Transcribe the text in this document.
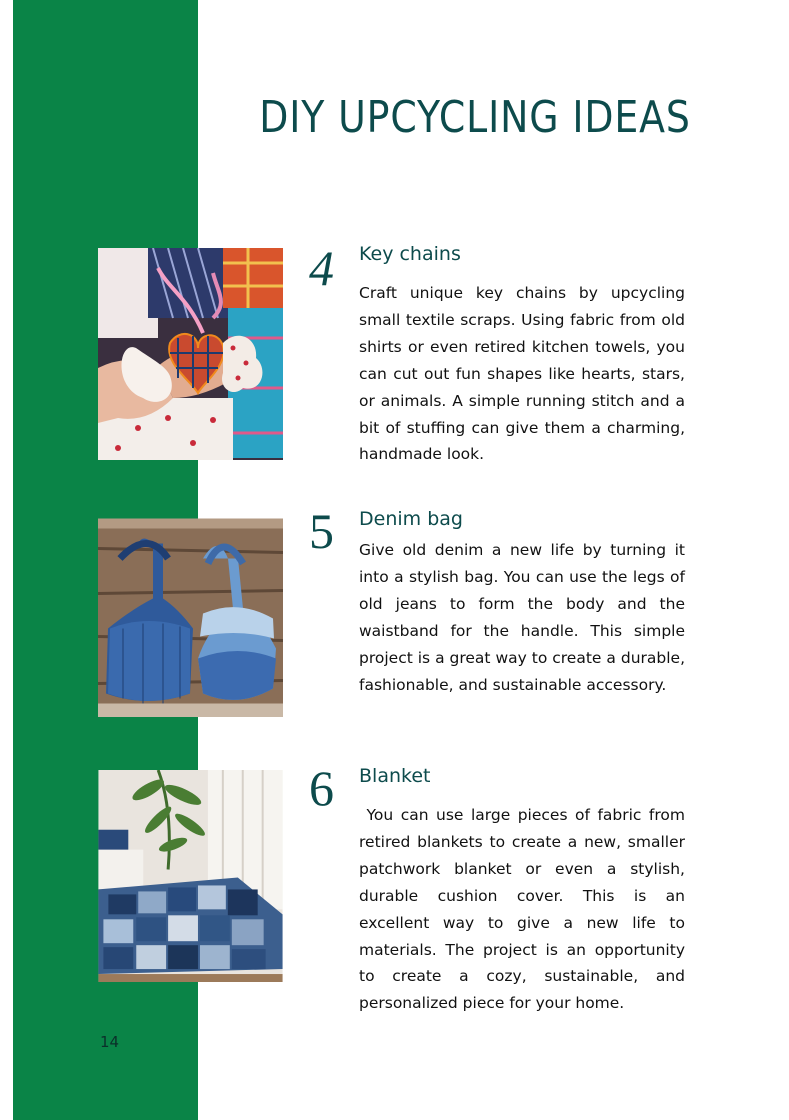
DIY UPCYCLING IDEAS
4	Key chains

Craft unique key chains by upcycling small textile scraps. Using fabric from old shirts or even retired kitchen towels, you can cut out fun shapes like hearts, stars, or animals. A simple running stitch and a bit of stuffing can give them a charming, handmade look.

5	Denim bag

Give old denim a new life by turning it into a stylish bag. You can use the legs of old jeans to form the body and the waistband for the handle. This simple project is a great way to create a durable, fashionable, and sustainable accessory.

6	Blanket

You can use large pieces of fabric from retired blankets to create a new, smaller patchwork blanket or even a stylish, durable cushion cover. This is an excellent way to give a new life to materials. The project is an opportunity to create a cozy, sustainable, and personalized piece for your home.

14
